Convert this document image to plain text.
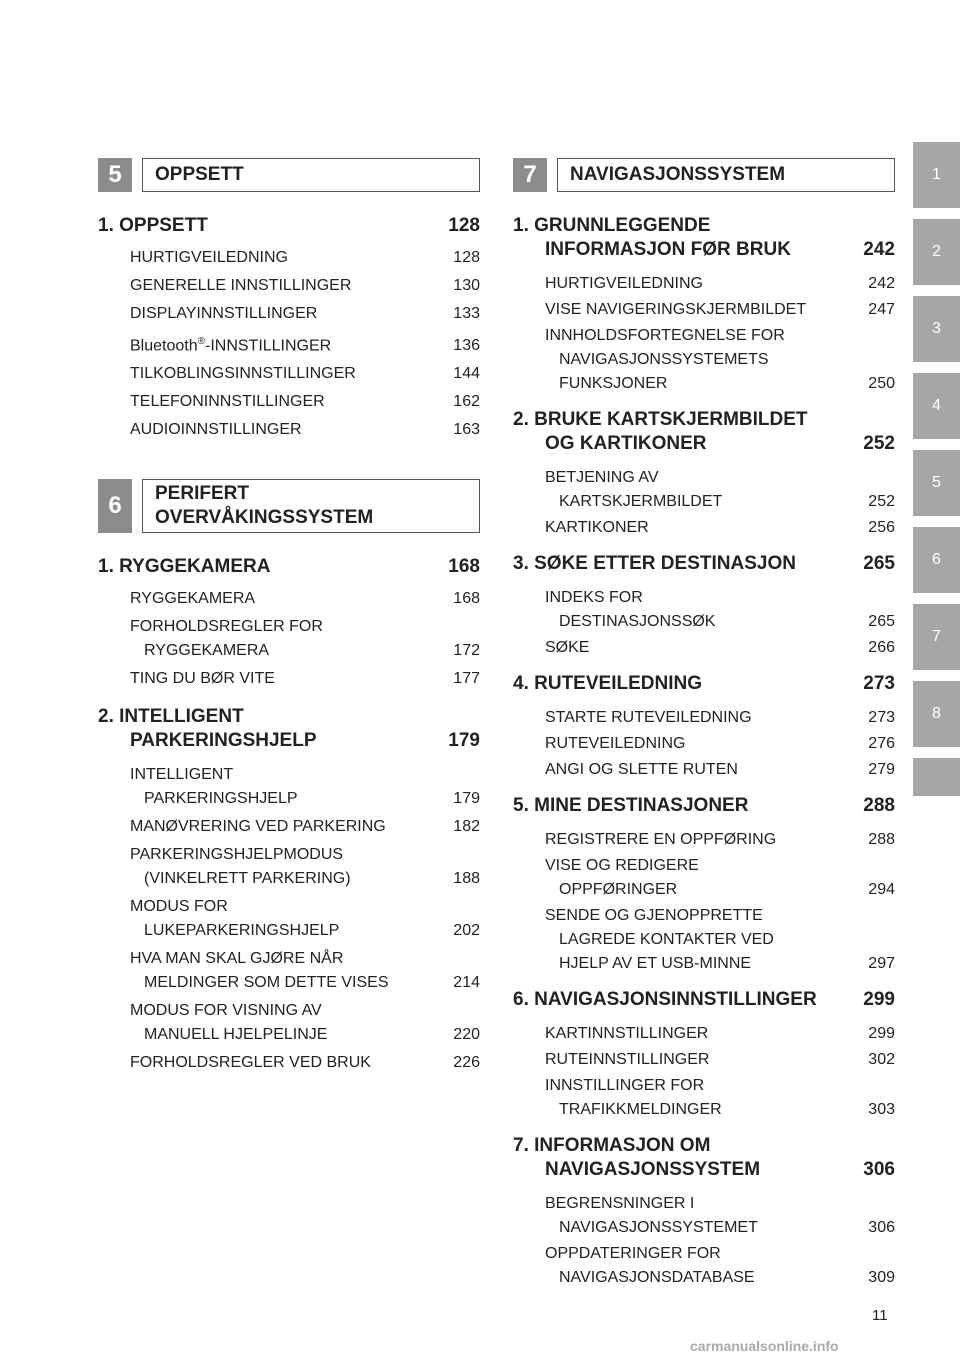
5	OPPSETT
1. OPPSETT	128
HURTIGVEILEDNING	128
GENERELLE INNSTILLINGER	130
DISPLAYINNSTILLINGER	133
Bluetooth®-INNSTILLINGER	136
TILKOBLINGSINNSTILLINGER	144
TELEFONINNSTILLINGER	162
AUDIOINNSTILLINGER	163
6	PERIFERT
OVERVÅKINGSSYSTEM
1. RYGGEKAMERA	168
RYGGEKAMERA	168
FORHOLDSREGLER FOR
RYGGEKAMERA	172
TING DU BØR VITE	177
2. INTELLIGENT
PARKERINGSHJELP	179
INTELLIGENT
PARKERINGSHJELP	179
MANØVRERING VED PARKERING	182
PARKERINGSHJELPMODUS
(VINKELRETT PARKERING)	188
MODUS FOR
LUKEPARKERINGSHJELP	202
HVA MAN SKAL GJØRE NÅR
MELDINGER SOM DETTE VISES	214
MODUS FOR VISNING AV
MANUELL HJELPELINJE	220
FORHOLDSREGLER VED BRUK	226
7	NAVIGASJONSSYSTEM
1. GRUNNLEGGENDE
INFORMASJON FØR BRUK	242
HURTIGVEILEDNING	242
VISE NAVIGERINGSKJERMBILDET	247
INNHOLDSFORTEGNELSE FOR
NAVIGASJONSSYSTEMETS
FUNKSJONER	250
2. BRUKE KARTSKJERMBILDET
OG KARTIKONER	252
BETJENING AV
KARTSKJERMBILDET	252
KARTIKONER	256
3. SØKE ETTER DESTINASJON	265
INDEKS FOR
DESTINASJONSSØK	265
SØKE	266
4. RUTEVEILEDNING	273
STARTE RUTEVEILEDNING	273
RUTEVEILEDNING	276
ANGI OG SLETTE RUTEN	279
5. MINE DESTINASJONER	288
REGISTRERE EN OPPFØRING	288
VISE OG REDIGERE
OPPFØRINGER	294
SENDE OG GJENOPPRETTE
LAGREDE KONTAKTER VED
HJELP AV ET USB-MINNE	297
6. NAVIGASJONSINNSTILLINGER	299
KARTINNSTILLINGER	299
RUTEINNSTILLINGER	302
INNSTILLINGER FOR
TRAFIKKMELDINGER	303
7. INFORMASJON OM
NAVIGASJONSSYSTEM	306
BEGRENSNINGER I
NAVIGASJONSSYSTEMET	306
OPPDATERINGER FOR
NAVIGASJONSDATABASE	309
1
2
3
4
5
6
7
8
11
carmanualsonline.info
